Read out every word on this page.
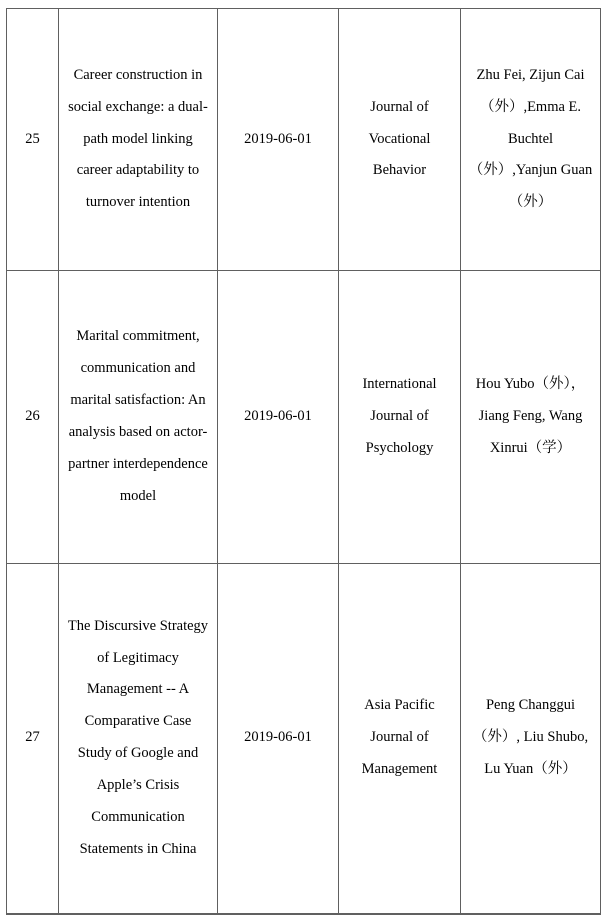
25	Career construction in social exchange: a dual-path model linking career adaptability to turnover intention	2019-06-01	Journal of Vocational Behavior	Zhu Fei, Zijun Cai（外）,Emma E. Buchtel（外）,Yanjun Guan（外）
26	Marital commitment, communication and marital satisfaction: An analysis based on actor-partner interdependence model	2019-06-01	International Journal of Psychology	Hou Yubo（外），Jiang Feng, Wang Xinrui（学）
27	The Discursive Strategy of Legitimacy Management -- A Comparative Case Study of Google and Apple’s Crisis Communication Statements in China	2019-06-01	Asia Pacific Journal of Management	Peng Changgui（外）, Liu Shubo, Lu Yuan（外）
